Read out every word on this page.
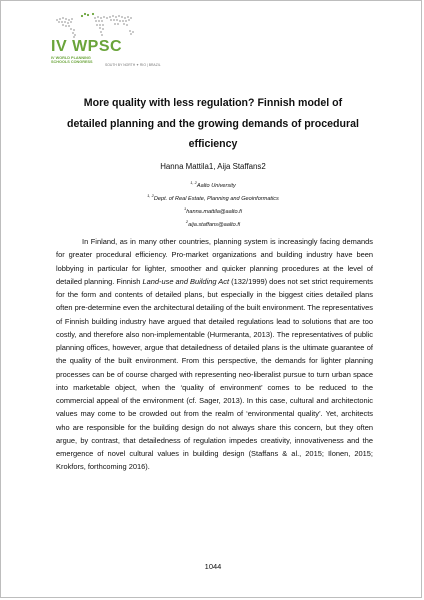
IV WPSC
IV WORLD PLANNING
SCHOOLS CONGRESS
SOUTH BY NORTH ✦ RIO | BRAZIL
More quality with less regulation? Finnish model of
detailed planning and the growing demands of procedural
efficiency
Hanna Mattila1, Aija Staffans2
$^{1, 2}$Aalto University
$^{1, 2}$Dept. of Real Estate, Planning and Geoinformatics
$^1$hanna.mattila@aalto.fi
$^2$aija.staffans@aalto.fi

In Finland, as in many other countries, planning system is increasingly facing demands for greater procedural efficiency. Pro-market organizations and building industry have been lobbying in particular for lighter, smoother and quicker planning procedures at the level of detailed planning. Finnish Land-use and Building Act (132/1999) does not set strict requirements for the form and contents of detailed plans, but especially in the biggest cities detailed plans often pre-determine even the architectural detailing of the built environment. The representatives of Finnish building industry have argued that detailed regulations lead to solutions that are too costly, and therefore also non-implementable (Hurmeranta, 2013). The representatives of public planning offices, however, argue that detailedness of detailed plans is the ultimate guarantee of the quality of the built environment. From this perspective, the demands for lighter planning processes can be of course charged with representing neo-liberalist pursue to turn urban space into marketable object, when the ‘quality of environment’ comes to be reduced to the commercial appeal of the environment (cf. Sager, 2013). In this case, cultural and architectonic values may come to be crowded out from the realm of ‘environmental quality’. Yet, architects who are responsible for the building design do not always share this concern, but they often argue, by contrast, that detailedness of regulation impedes creativity, innovativeness and the emergence of novel cultural values in building design (Staffans & al., 2015; Ilonen, 2015; Krokfors, forthcoming 2016).

1044
